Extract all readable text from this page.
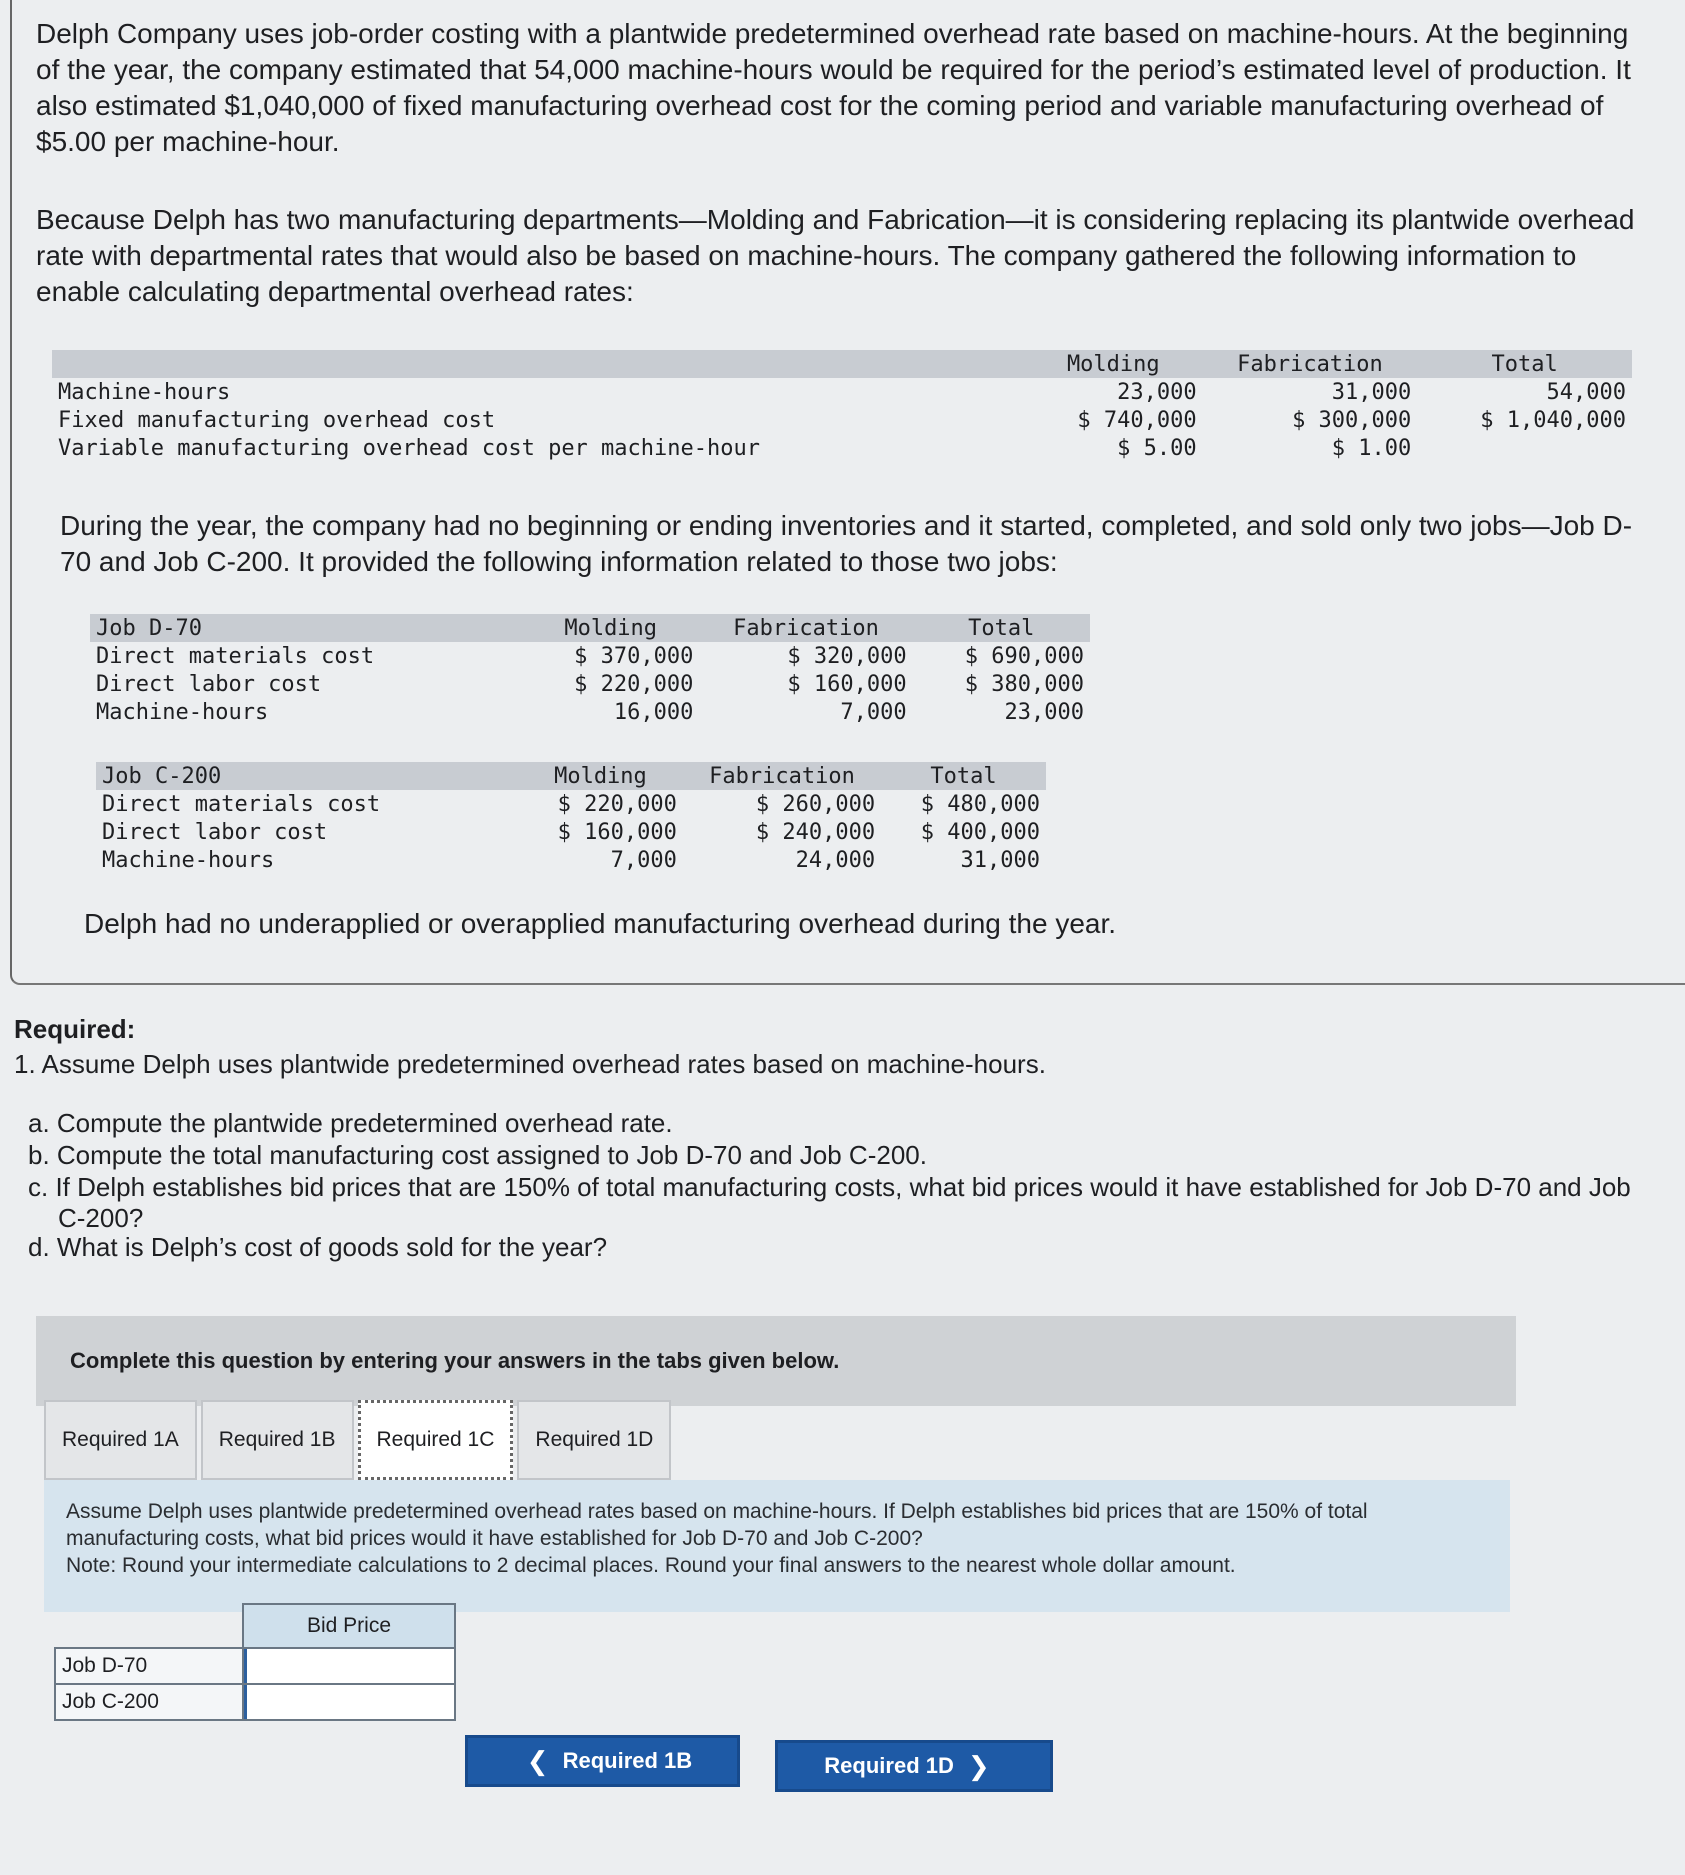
Delph Company uses job-order costing with a plantwide predetermined overhead rate based on machine-hours. At the beginning of the year, the company estimated that 54,000 machine-hours would be required for the period’s estimated level of production. It also estimated $1,040,000 of fixed manufacturing overhead cost for the coming period and variable manufacturing overhead of $5.00 per machine-hour.

Because Delph has two manufacturing departments—Molding and Fabrication—it is considering replacing its plantwide overhead rate with departmental rates that would also be based on machine-hours. The company gathered the following information to enable calculating departmental overhead rates:

	Molding	Fabrication	Total
Machine-hours	23,000	31,000	54,000
Fixed manufacturing overhead cost	$ 740,000	$ 300,000	$ 1,040,000
Variable manufacturing overhead cost per machine-hour	$ 5.00	$ 1.00	

During the year, the company had no beginning or ending inventories and it started, completed, and sold only two jobs—Job D-70 and Job C-200. It provided the following information related to those two jobs:

Job D-70	Molding	Fabrication	Total
Direct materials cost	$ 370,000	$ 320,000	$ 690,000
Direct labor cost	$ 220,000	$ 160,000	$ 380,000
Machine-hours	16,000	7,000	23,000
Job C-200	Molding	Fabrication	Total
Direct materials cost	$ 220,000	$ 260,000	$ 480,000
Direct labor cost	$ 160,000	$ 240,000	$ 400,000
Machine-hours	7,000	24,000	31,000

Delph had no underapplied or overapplied manufacturing overhead during the year.

Required:

1. Assume Delph uses plantwide predetermined overhead rates based on machine-hours.

a. Compute the plantwide predetermined overhead rate.

b. Compute the total manufacturing cost assigned to Job D-70 and Job C-200.

c. If Delph establishes bid prices that are 150% of total manufacturing costs, what bid prices would it have established for Job D-70 and Job C-200?

d. What is Delph’s cost of goods sold for the year?

Complete this question by entering your answers in the tabs given below.
Required 1A Required 1B Required 1C Required 1D

Assume Delph uses plantwide predetermined overhead rates based on machine-hours. If Delph establishes bid prices that are 150% of total manufacturing costs, what bid prices would it have established for Job D-70 and Job C-200?

Note: Round your intermediate calculations to 2 decimal places. Round your final answers to the nearest whole dollar amount.

	Bid Price
Job D-70	
Job C-200	
❮ Required 1B	Required 1D ❯
